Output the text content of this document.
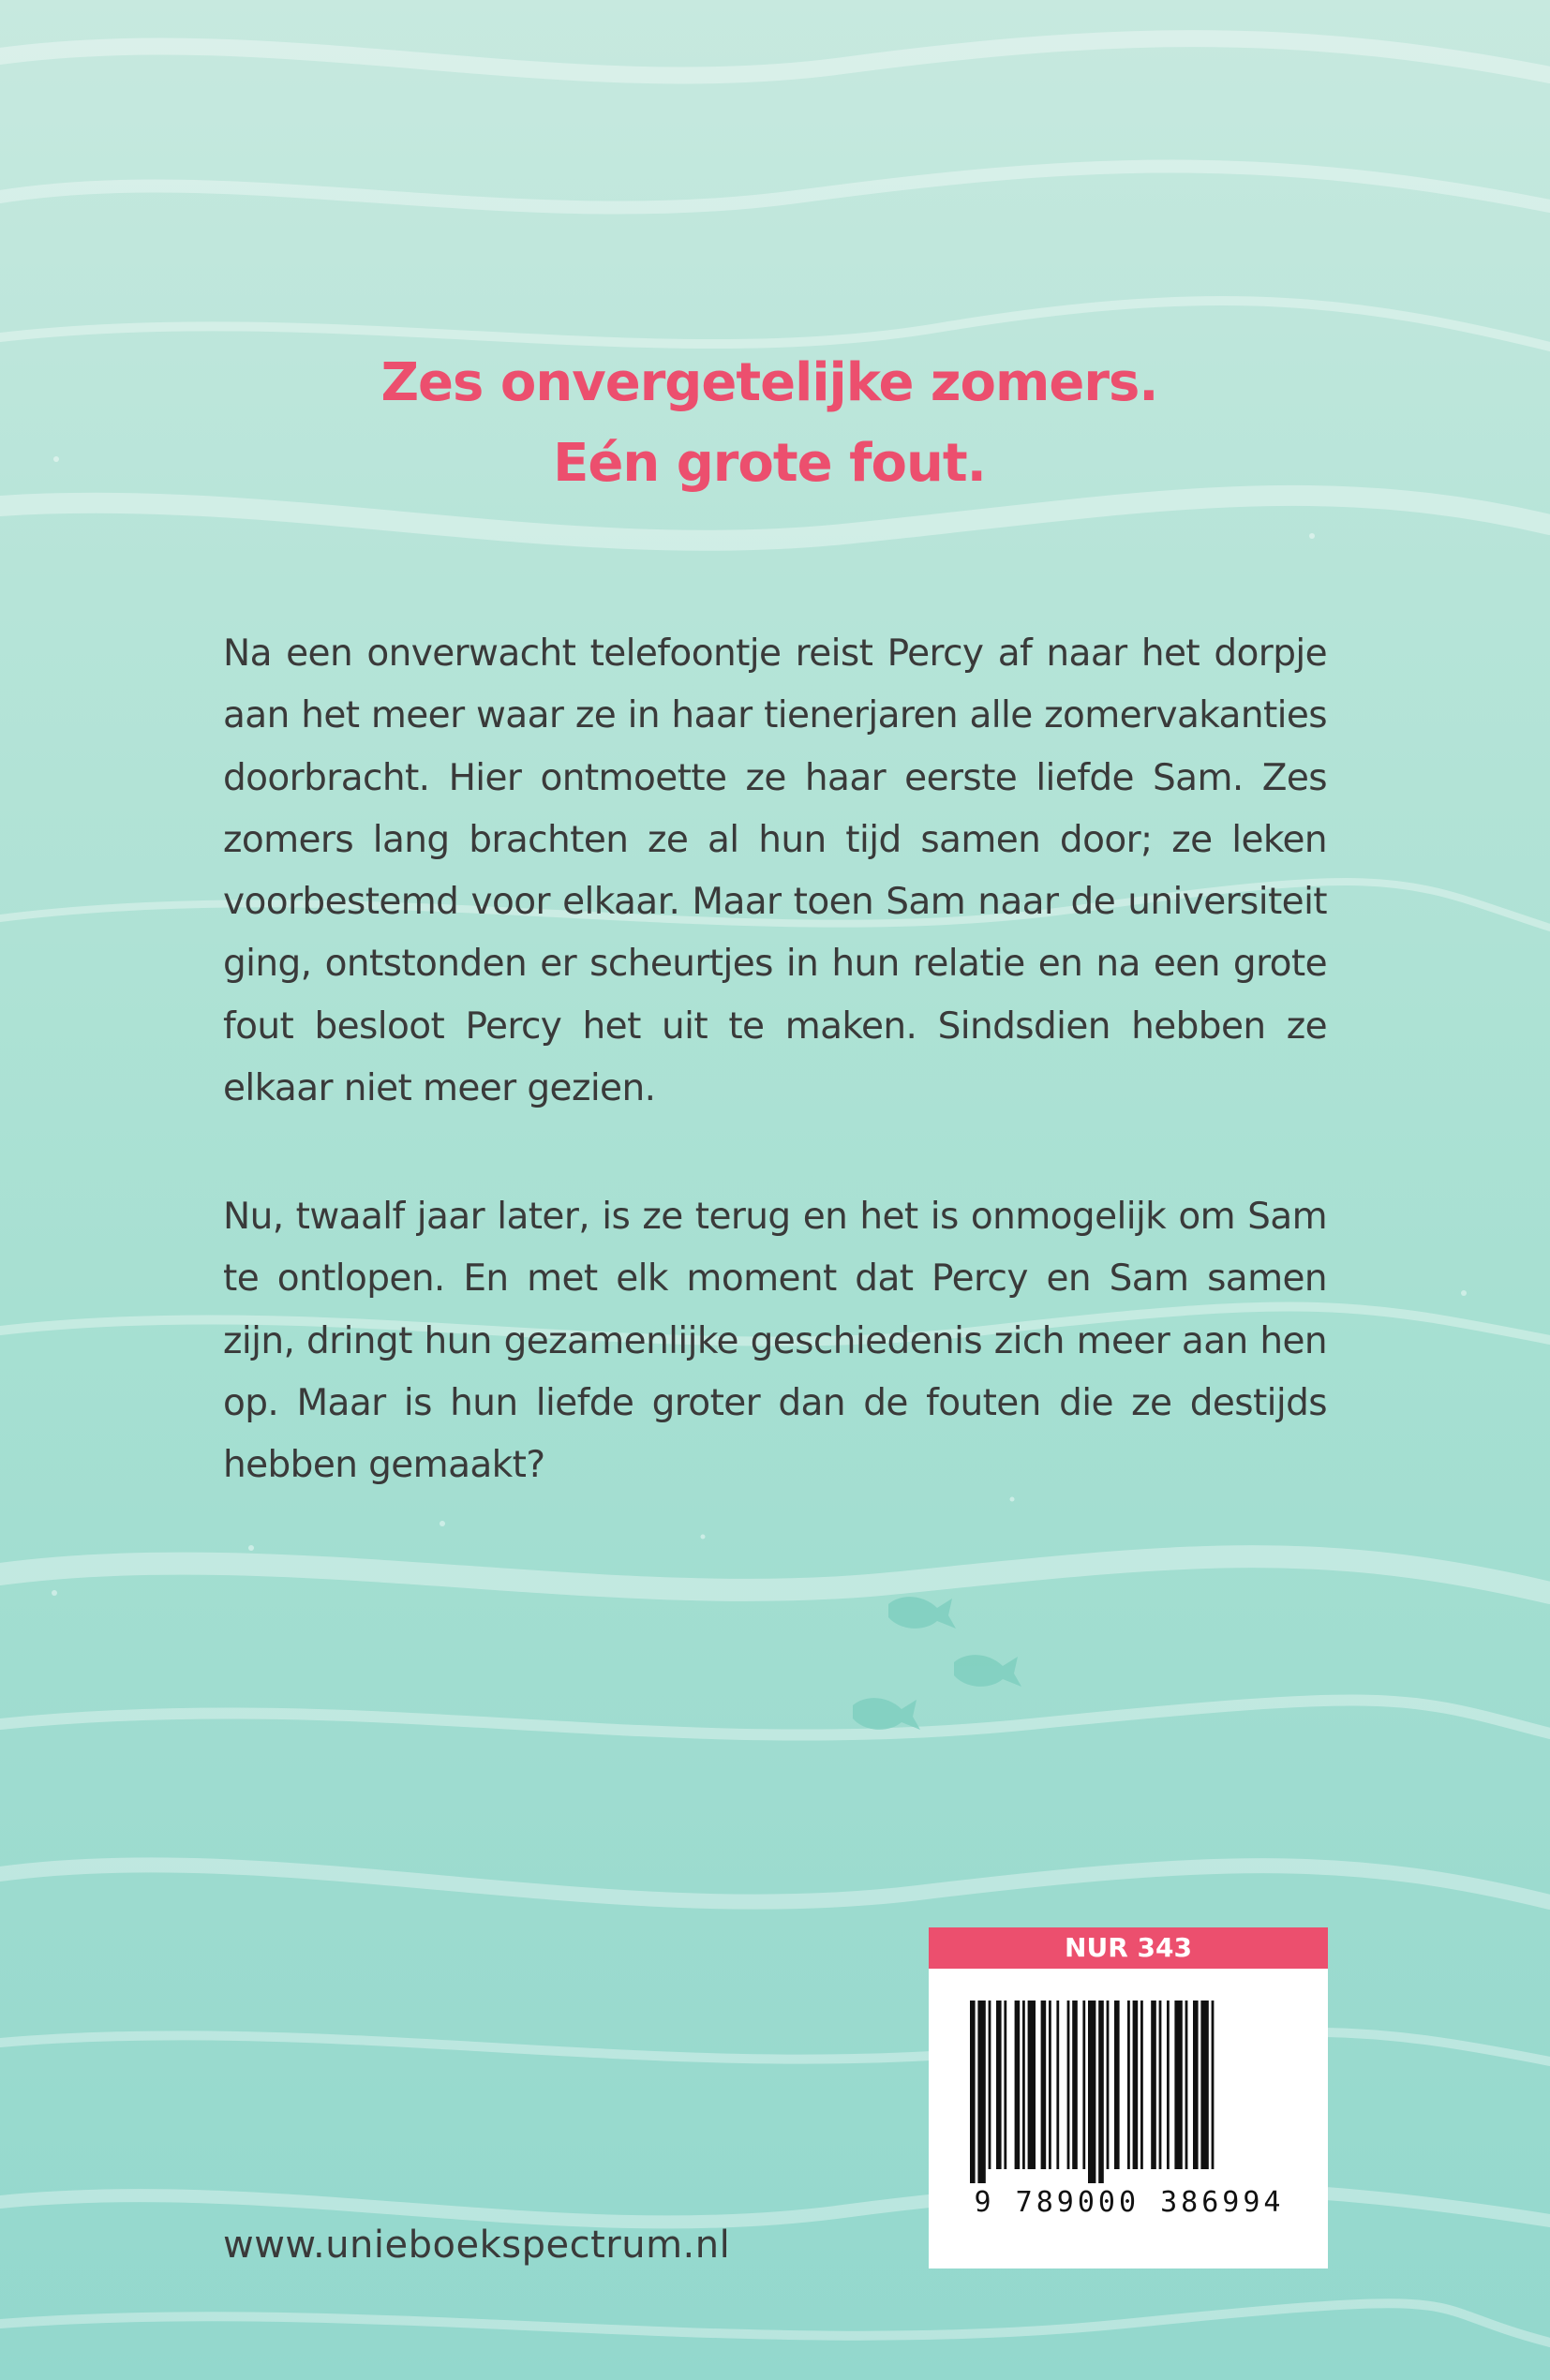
Zes onvergetelijke zomers.

Eén grote fout.

Na een onverwacht telefoontje reist Percy af naar het dorpje aan het meer waar ze in haar tienerjaren alle zomervakanties doorbracht. Hier ontmoette ze haar eerste liefde Sam. Zes zomers lang brachten ze al hun tijd samen door; ze leken voorbestemd voor elkaar. Maar toen Sam naar de universiteit ging, ontstonden er scheurtjes in hun relatie en na een grote fout besloot Percy het uit te maken. Sindsdien hebben ze elkaar niet meer gezien.

Nu, twaalf jaar later, is ze terug en het is onmogelijk om Sam te ontlopen. En met elk moment dat Percy en Sam samen zijn, dringt hun gezamenlijke geschiedenis zich meer aan hen op. Maar is hun liefde groter dan de fouten die ze destijds hebben gemaakt?

NUR 343
9 789000 386994
www.unieboekspectrum.nl
